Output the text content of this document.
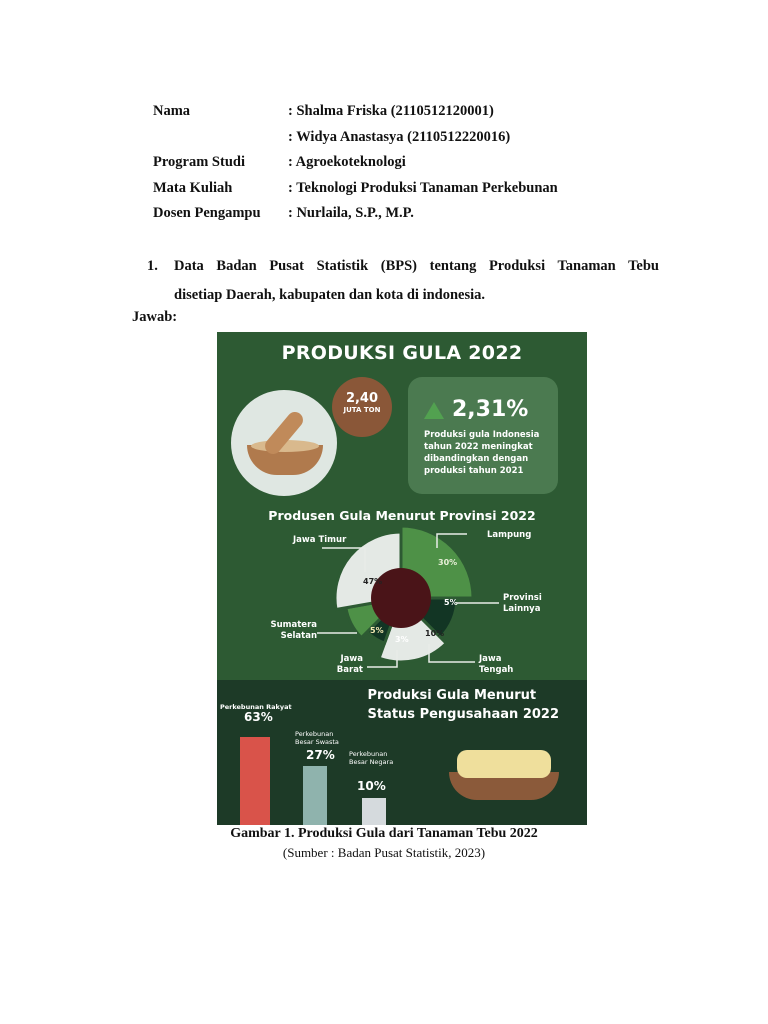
Nama	: Shalma Friska (2110512120001)
: Widya Anastasya (2110512220016)
Program Studi	: Agroekoteknologi
Mata Kuliah	: Teknologi Produksi Tanaman Perkebunan
Dosen Pengampu : Nurlaila, S.P., M.P.
1. Data Badan Pusat Statistik (BPS) tentang Produksi Tanaman Tebu
disetiap Daerah, kabupaten dan kota di indonesia.
Jawab:
PRODUKSI GULA 2022
2,40
JUTA TON	2,31%
Produksi gula Indonesia tahun 2022 meningkat dibandingkan dengan produksi tahun 2021
Produsen Gula Menurut Provinsi 2022
Jawa Timur	Lampung
Provinsi Lainnya
Sumatera Selatan
Jawa Barat
Jawa Tengah
47%
30%
5%
10%
3%
5%
Produksi Gula Menurut
Status Pengusahaan 2022
Perkebunan Rakyat
63%
Perkebunan
Besar Swasta
27% Perkebunan
Besar Negara
10%
Gambar 1. Produksi Gula dari Tanaman Tebu 2022
(Sumber : Badan Pusat Statistik, 2023)
